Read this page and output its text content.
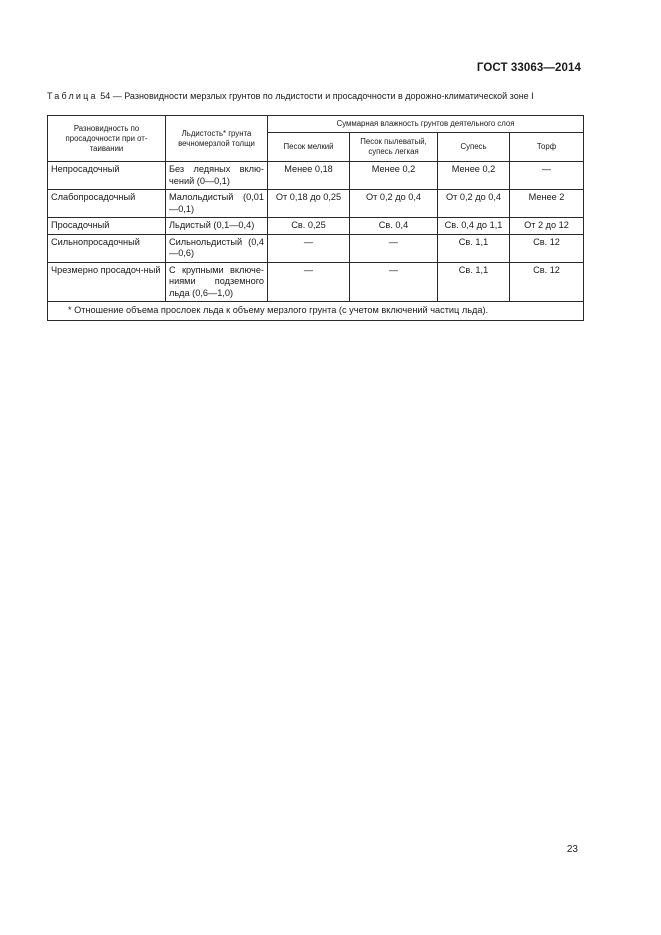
ГОСТ 33063—2014
Таблица 54 — Разновидности мерзлых грунтов по льдистости и просадочности в дорожно-климатической зоне I
Разновидность по просадочности при от-таивании	Льдистость* грунта вечномерзлой толщи	Суммарная влажность грунтов деятельного слоя			
		Песок мелкий	Песок пылеватый, супесь легкая	Супесь	Торф
Непросадочный	Без ледяных вклю-чений (0—0,1)	Менее 0,18	Менее 0,2	Менее 0,2	—
Слабопросадочный	Малольдистый (0,01—0,1)	От 0,18 до 0,25	От 0,2 до 0,4	От 0,2 до 0,4	Менее 2
Просадочный	Льдистый (0,1—0,4)	Св. 0,25	Св. 0,4	Св. 0,4 до 1,1	От 2 до 12
Сильнопросадочный	Сильнольдистый (0,4—0,6)	—	—	Св. 1,1	Св. 12
Чрезмерно просадоч-ный	С крупными включе-ниями подземного льда (0,6—1,0)	—	—	Св. 1,1	Св. 12
* Отношение объема прослоек льда к объему мерзлого грунта (с учетом включений частиц льда).					
23
